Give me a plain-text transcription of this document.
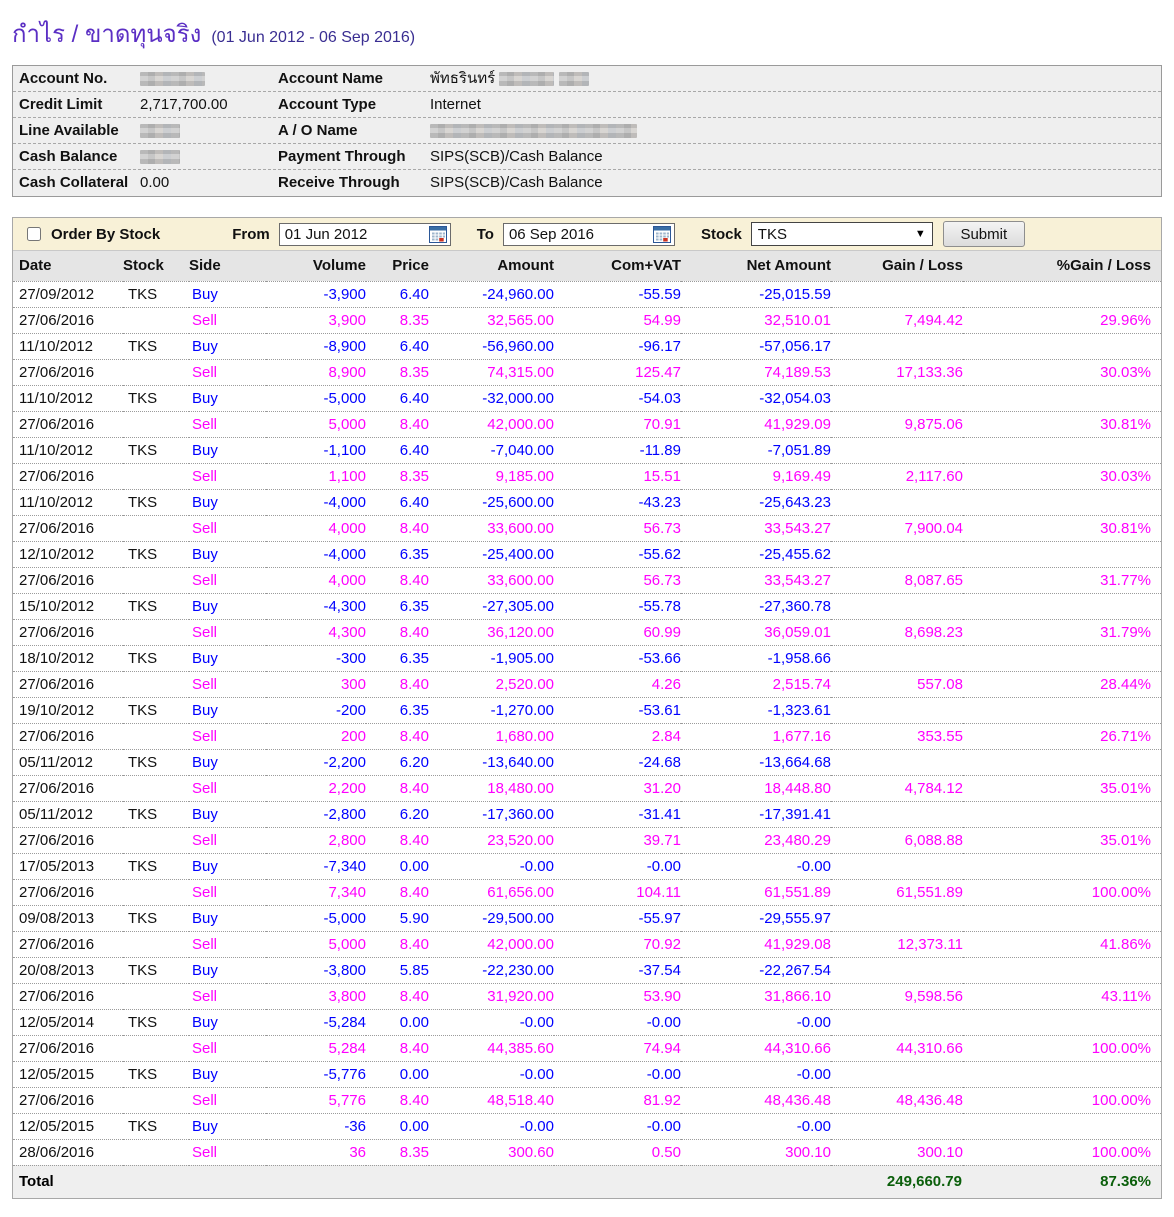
กำไร / ขาดทุนจริง (01 Jun 2012 - 06 Sep 2016)
Account No.	Account Name	พัทธรินทร์
Credit Limit	2,717,700.00	Account Type	Internet
Line Available	A / O Name
Cash Balance	Payment Through	SIPS(SCB)/Cash Balance
Cash Collateral 0.00	Receive Through	SIPS(SCB)/Cash Balance
Order By Stock	From
01 Jun 2012	To
06 Sep 2016	Stock TKS	▼	Submit
Date	Stock	Side	Volume	Price	Amount	Com+VAT	Net Amount	Gain / Loss	%Gain / Loss
27/09/2012	TKS	Buy	-3,900	6.40	-24,960.00	-55.59	-25,015.59		
27/06/2016		Sell	3,900	8.35	32,565.00	54.99	32,510.01	7,494.42	29.96%
11/10/2012	TKS	Buy	-8,900	6.40	-56,960.00	-96.17	-57,056.17		
27/06/2016		Sell	8,900	8.35	74,315.00	125.47	74,189.53	17,133.36	30.03%
11/10/2012	TKS	Buy	-5,000	6.40	-32,000.00	-54.03	-32,054.03		
27/06/2016		Sell	5,000	8.40	42,000.00	70.91	41,929.09	9,875.06	30.81%
11/10/2012	TKS	Buy	-1,100	6.40	-7,040.00	-11.89	-7,051.89		
27/06/2016		Sell	1,100	8.35	9,185.00	15.51	9,169.49	2,117.60	30.03%
11/10/2012	TKS	Buy	-4,000	6.40	-25,600.00	-43.23	-25,643.23		
27/06/2016		Sell	4,000	8.40	33,600.00	56.73	33,543.27	7,900.04	30.81%
12/10/2012	TKS	Buy	-4,000	6.35	-25,400.00	-55.62	-25,455.62		
27/06/2016		Sell	4,000	8.40	33,600.00	56.73	33,543.27	8,087.65	31.77%
15/10/2012	TKS	Buy	-4,300	6.35	-27,305.00	-55.78	-27,360.78		
27/06/2016		Sell	4,300	8.40	36,120.00	60.99	36,059.01	8,698.23	31.79%
18/10/2012	TKS	Buy	-300	6.35	-1,905.00	-53.66	-1,958.66		
27/06/2016		Sell	300	8.40	2,520.00	4.26	2,515.74	557.08	28.44%
19/10/2012	TKS	Buy	-200	6.35	-1,270.00	-53.61	-1,323.61		
27/06/2016		Sell	200	8.40	1,680.00	2.84	1,677.16	353.55	26.71%
05/11/2012	TKS	Buy	-2,200	6.20	-13,640.00	-24.68	-13,664.68		
27/06/2016		Sell	2,200	8.40	18,480.00	31.20	18,448.80	4,784.12	35.01%
05/11/2012	TKS	Buy	-2,800	6.20	-17,360.00	-31.41	-17,391.41		
27/06/2016		Sell	2,800	8.40	23,520.00	39.71	23,480.29	6,088.88	35.01%
17/05/2013	TKS	Buy	-7,340	0.00	-0.00	-0.00	-0.00		
27/06/2016		Sell	7,340	8.40	61,656.00	104.11	61,551.89	61,551.89	100.00%
09/08/2013	TKS	Buy	-5,000	5.90	-29,500.00	-55.97	-29,555.97		
27/06/2016		Sell	5,000	8.40	42,000.00	70.92	41,929.08	12,373.11	41.86%
20/08/2013	TKS	Buy	-3,800	5.85	-22,230.00	-37.54	-22,267.54		
27/06/2016		Sell	3,800	8.40	31,920.00	53.90	31,866.10	9,598.56	43.11%
12/05/2014	TKS	Buy	-5,284	0.00	-0.00	-0.00	-0.00		
27/06/2016		Sell	5,284	8.40	44,385.60	74.94	44,310.66	44,310.66	100.00%
12/05/2015	TKS	Buy	-5,776	0.00	-0.00	-0.00	-0.00		
27/06/2016		Sell	5,776	8.40	48,518.40	81.92	48,436.48	48,436.48	100.00%
12/05/2015	TKS	Buy	-36	0.00	-0.00	-0.00	-0.00		
28/06/2016		Sell	36	8.35	300.60	0.50	300.10	300.10	100.00%
Total								249,660.79	87.36%
